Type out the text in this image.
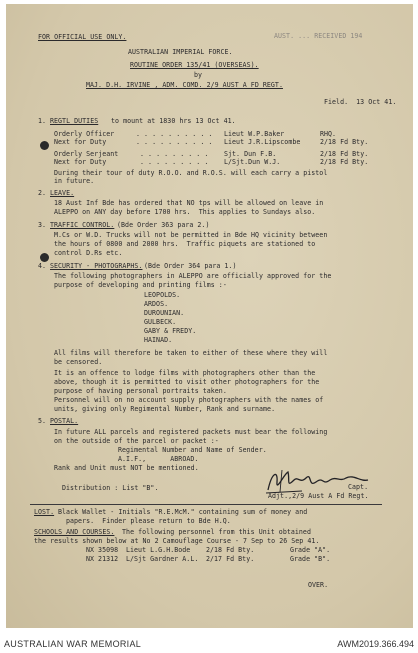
FOR OFFICIAL USE ONLY.	AUST. ... RECEIVED 194
AUSTRALIAN IMPERIAL FORCE.
ROUTINE ORDER 135/41 (OVERSEAS).
by
MAJ. D.H. IRVINE , ADM. COMD. 2/9 AUST A FD REGT.
Field.  13 Oct 41.
1. REGTL DUTIES to mount at 1830 hrs 13 Oct 41.
Orderly Officer	. . . . . . . . . . Lieut W.P.Baker	RHQ.
Next for Duty	. . . . . . . . . . Lieut J.R.Lipscombe	2/18 Fd Bty.
Orderly Serjeant	. . . . . . . . . Sjt. Dun F.B.	2/18 Fd Bty.
Next for Duty	. . . . . . . . . L/Sjt.Dun W.J.	2/18 Fd Bty.
During their tour of duty R.O.O. and R.O.S. will each carry a pistol
in future.
2. LEAVE.
18 Aust Inf Bde has ordered that NO tps will be allowed on leave in
ALEPPO on ANY day before 1700 hrs.  This applies to Sundays also.
3. TRAFFIC CONTROL.
(Bde Order 363 para 2.)
M.Cs or W.D. Trucks will not be permitted in Bde HQ vicinity between
the hours of 0800 and 2000 hrs.  Traffic piquets are stationed to
control D.Rs etc.
4. SECURITY - PHOTOGRAPHS.
(Bde Order 364 para 1.)
The following photographers in ALEPPO are officially approved for the
purpose of developing and printing films :-
LEOPOLDS.
ARDOS.
DUROUNIAN.
GULBECK.
GABY & FREDY.
HAINAD.
All films will therefore be taken to either of these where they will
be censored.
It is an offence to lodge films with photographers other than the
above, though it is permitted to visit other photographers for the
purpose of having personal portraits taken.
Personnel will on no account supply photographers with the names of
units, giving only Regimental Number, Rank and surname.
5. POSTAL.
In future ALL parcels and registered packets must bear the following
on the outside of the parcel or packet :-
Regimental Number and Name of Sender.
A.I.F.,      ABROAD.
Rank and Unit must NOT be mentioned.
Capt.
Adjt.,2/9 Aust A Fd Regt.
Distribution : List "B".
LOST. Black Wallet - Initials "R.E.McM." containing sum of money and
papers.  Finder please return to Bde H.Q.
SCHOOLS AND COURSES. The following personnel from this Unit obtained
the results shown below at No 2 Camouflage Course - 7 Sep to 26 Sep 41.
NX 35098 Lieut L.G.H.Bode 2/18 Fd Bty.	Grade "A".
NX 21312 L/Sjt Gardner A.L. 2/17 Fd Bty.	Grade "B".
OVER.
AUSTRALIAN WAR MEMORIAL	AWM2019.366.494
